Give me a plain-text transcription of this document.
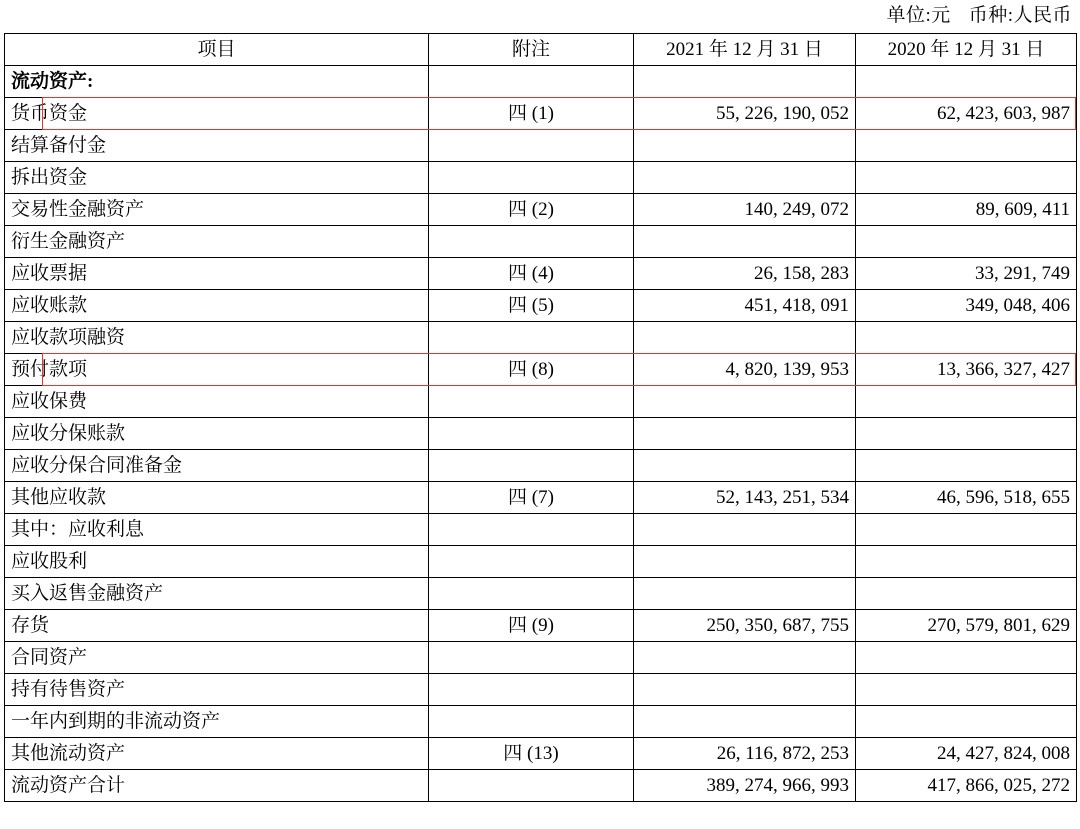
单位:元 币种:人民币
项目	附注	2021 年 12 月 31 日	2020 年 12 月 31 日
流动资产:			
货币资金	四 (1)	55, 226, 190, 052	62, 423, 603, 987
结算备付金			
拆出资金			
交易性金融资产	四 (2)	140, 249, 072	89, 609, 411
衍生金融资产			
应收票据	四 (4)	26, 158, 283	33, 291, 749
应收账款	四 (5)	451, 418, 091	349, 048, 406
应收款项融资			
预付款项	四 (8)	4, 820, 139, 953	13, 366, 327, 427
应收保费			
应收分保账款			
应收分保合同准备金			
其他应收款	四 (7)	52, 143, 251, 534	46, 596, 518, 655
其中：应收利息			
应收股利			
买入返售金融资产			
存货	四 (9)	250, 350, 687, 755	270, 579, 801, 629
合同资产			
持有待售资产			
一年内到期的非流动资产			
其他流动资产	四 (13)	26, 116, 872, 253	24, 427, 824, 008
流动资产合计		389, 274, 966, 993	417, 866, 025, 272
